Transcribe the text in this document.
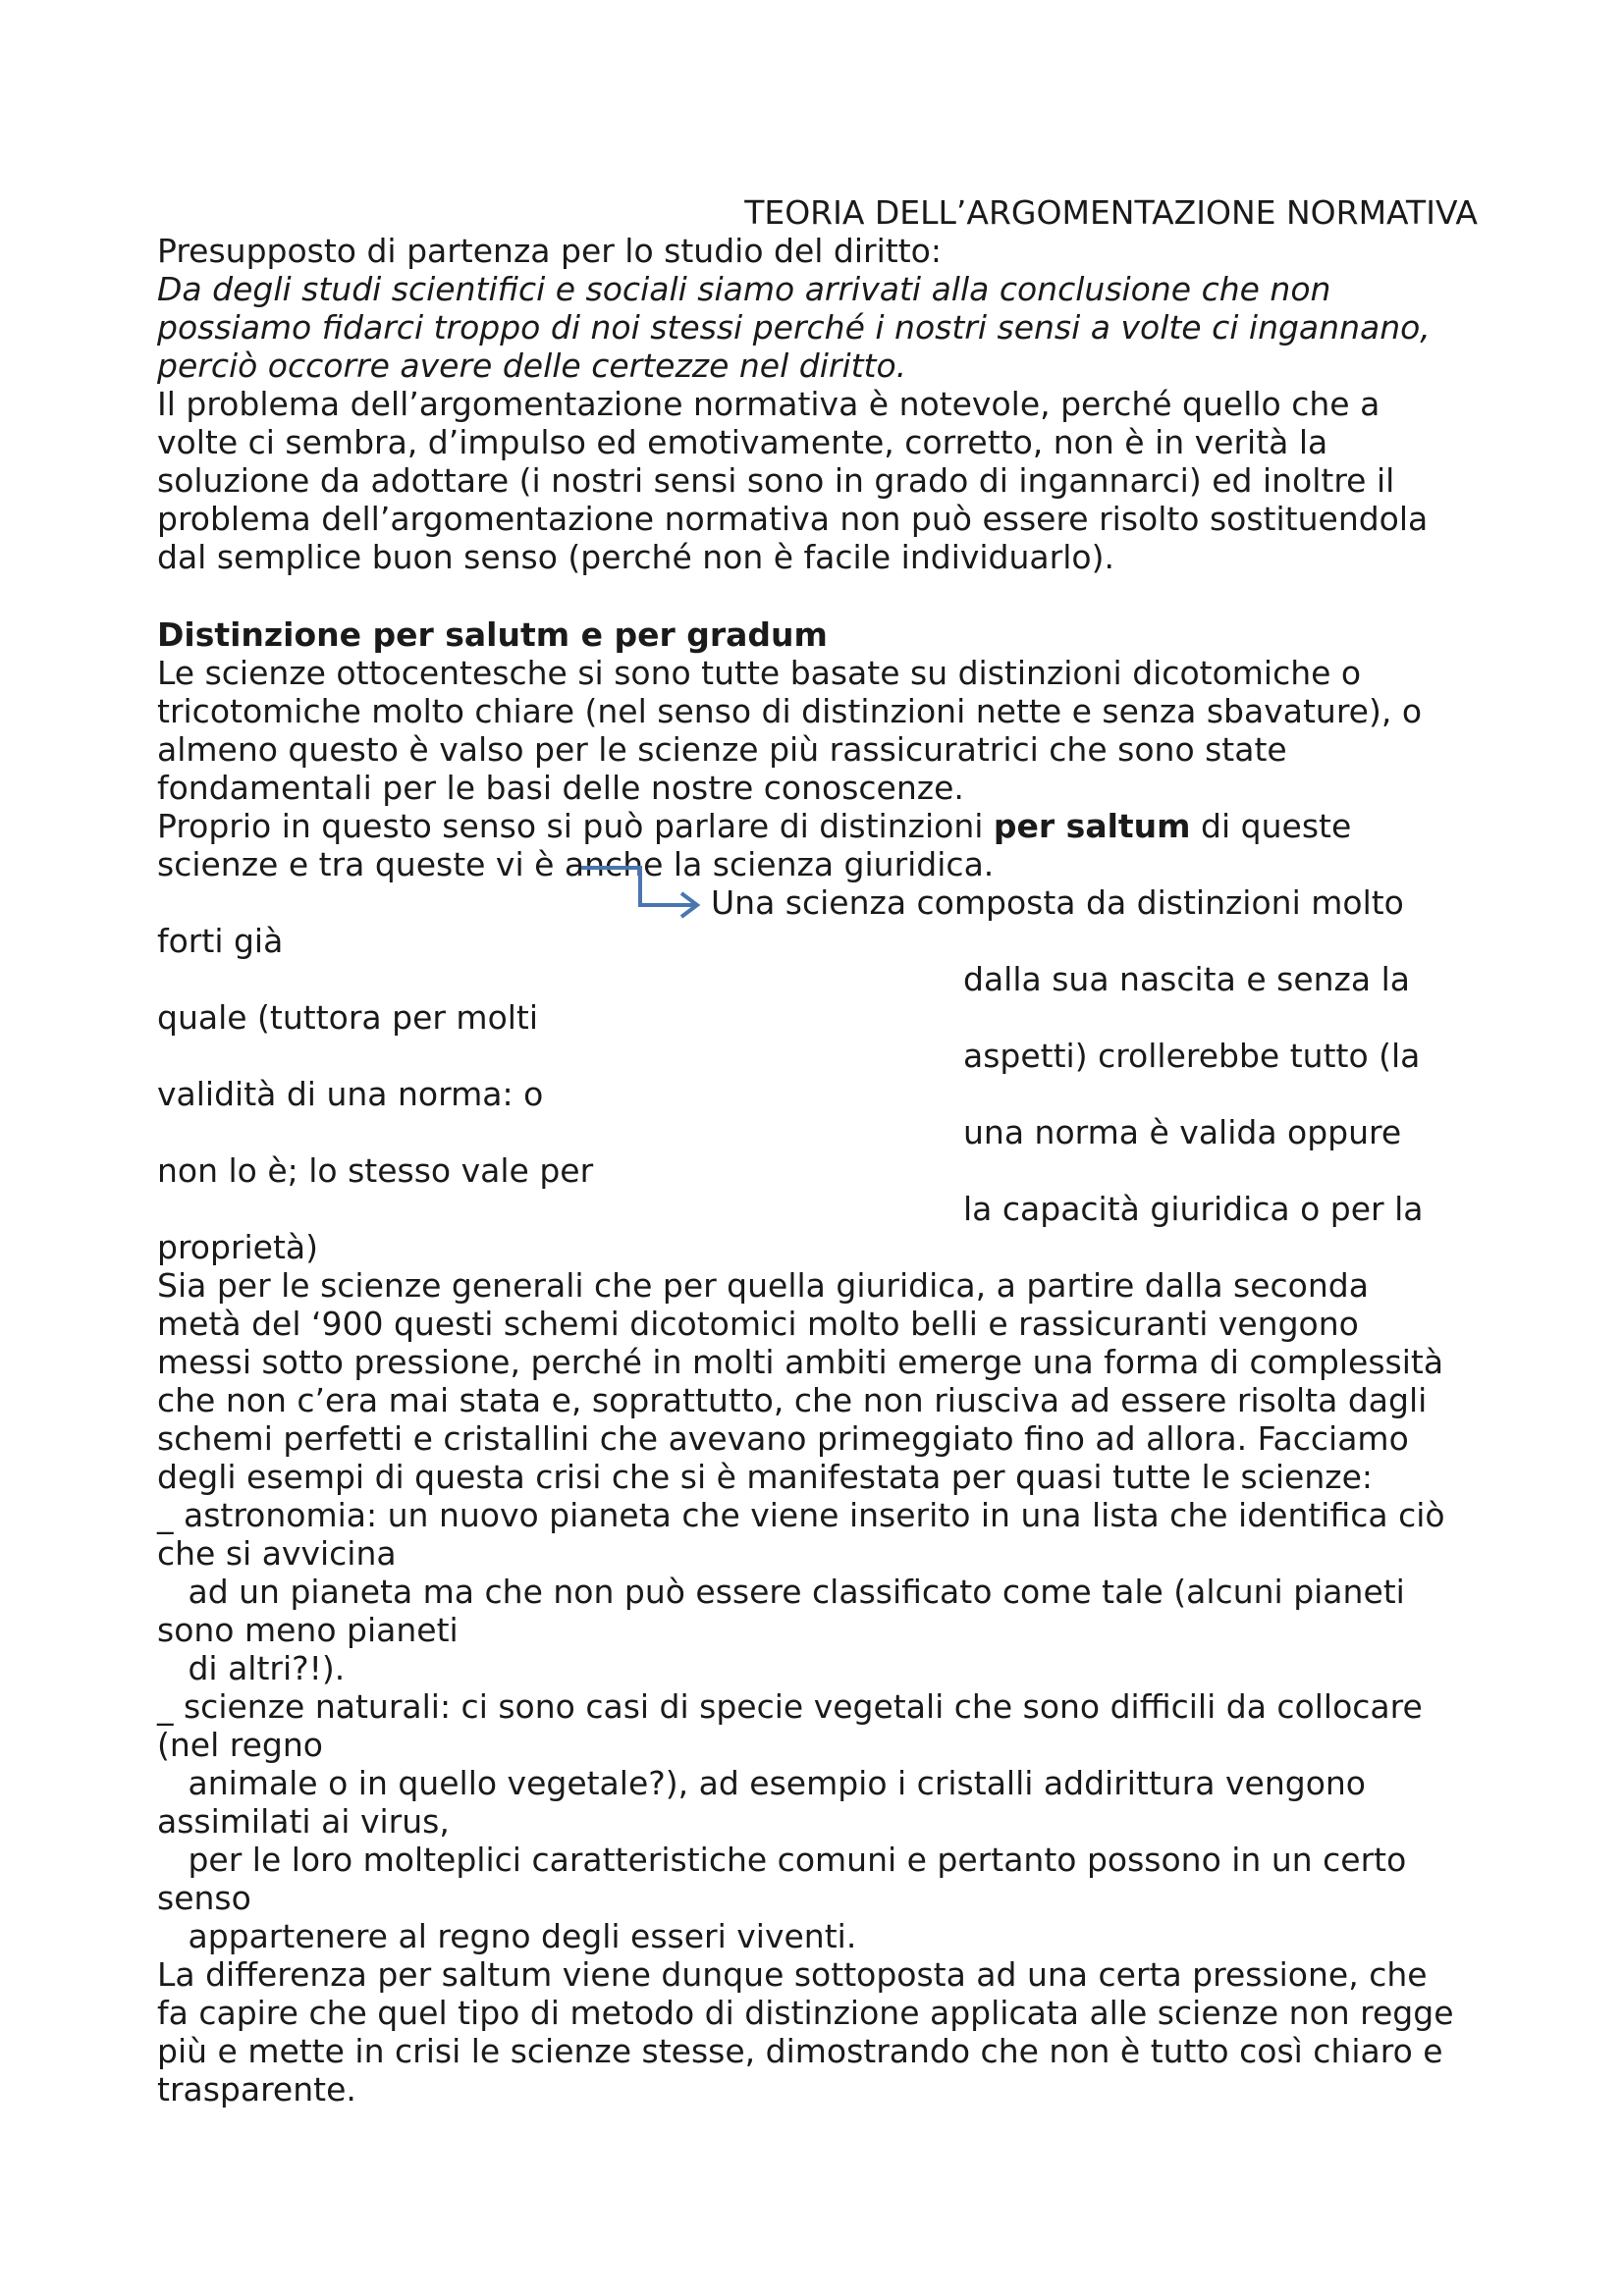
TEORIA DELL’ARGOMENTAZIONE NORMATIVA

Presupposto di partenza per lo studio del diritto:

Da degli studi scientifici e sociali siamo arrivati alla conclusione che non

possiamo fidarci troppo di noi stessi perché i nostri sensi a volte ci ingannano,

perciò occorre avere delle certezze nel diritto.

Il problema dell’argomentazione normativa è notevole, perché quello che a

volte ci sembra, d’impulso ed emotivamente, corretto, non è in verità la

soluzione da adottare (i nostri sensi sono in grado di ingannarci) ed inoltre il

problema dell’argomentazione normativa non può essere risolto sostituendola

dal semplice buon senso (perché non è facile individuarlo).

Distinzione per salutm e per gradum

Le scienze ottocentesche si sono tutte basate su distinzioni dicotomiche o

tricotomiche molto chiare (nel senso di distinzioni nette e senza sbavature), o

almeno questo è valso per le scienze più rassicuratrici che sono state

fondamentali per le basi delle nostre conoscenze.

Proprio in questo senso si può parlare di distinzioni per saltum di queste

scienze e tra queste vi è anche la scienza giuridica.

Una scienza composta da distinzioni molto

forti già

dalla sua nascita e senza la

quale (tuttora per molti

aspetti) crollerebbe tutto (la

validità di una norma: o

una norma è valida oppure

non lo è; lo stesso vale per

la capacità giuridica o per la

proprietà)

Sia per le scienze generali che per quella giuridica, a partire dalla seconda

metà del ‘900 questi schemi dicotomici molto belli e rassicuranti vengono

messi sotto pressione, perché in molti ambiti emerge una forma di complessità

che non c’era mai stata e, soprattutto, che non riusciva ad essere risolta dagli

schemi perfetti e cristallini che avevano primeggiato fino ad allora. Facciamo

degli esempi di questa crisi che si è manifestata per quasi tutte le scienze:

_ astronomia: un nuovo pianeta che viene inserito in una lista che identifica ciò

che si avvicina

ad un pianeta ma che non può essere classificato come tale (alcuni pianeti

sono meno pianeti

di altri?!).

_ scienze naturali: ci sono casi di specie vegetali che sono difficili da collocare

(nel regno

animale o in quello vegetale?), ad esempio i cristalli addirittura vengono

assimilati ai virus,

per le loro molteplici caratteristiche comuni e pertanto possono in un certo

senso

appartenere al regno degli esseri viventi.

La differenza per saltum viene dunque sottoposta ad una certa pressione, che

fa capire che quel tipo di metodo di distinzione applicata alle scienze non regge

più e mette in crisi le scienze stesse, dimostrando che non è tutto così chiaro e

trasparente.
